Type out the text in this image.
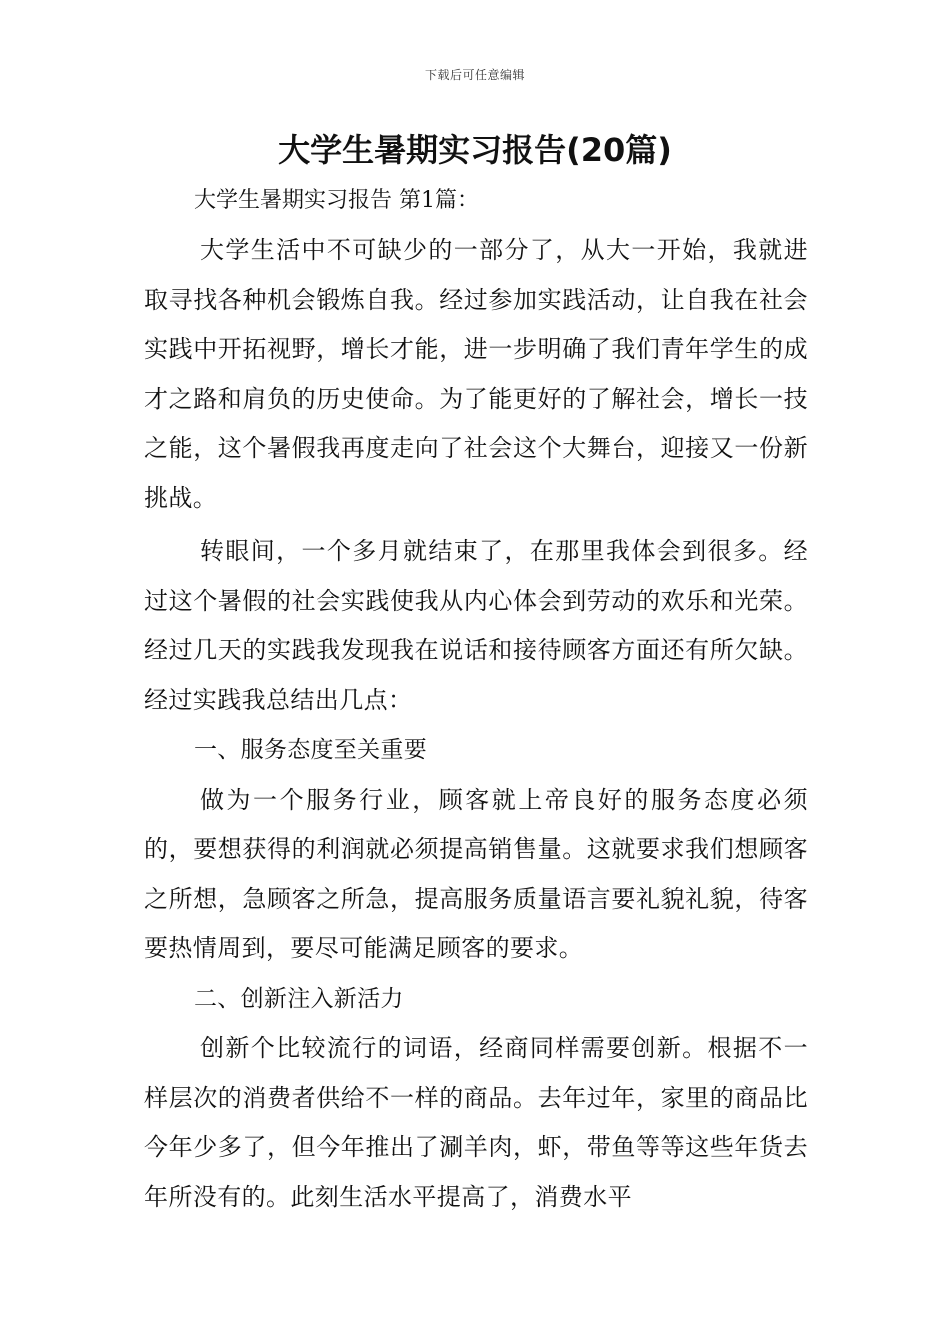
下载后可任意编辑
大学生暑期实习报告(20篇)

大学生暑期实习报告 第1篇：

大学生活中不可缺少的一部分了，从大一开始，我就进取寻找各种机会锻炼自我。经过参加实践活动，让自我在社会实践中开拓视野，增长才能，进一步明确了我们青年学生的成才之路和肩负的历史使命。为了能更好的了解社会，增长一技之能，这个暑假我再度走向了社会这个大舞台，迎接又一份新挑战。

转眼间，一个多月就结束了，在那里我体会到很多。经过这个暑假的社会实践使我从内心体会到劳动的欢乐和光荣。经过几天的实践我发现我在说话和接待顾客方面还有所欠缺。经过实践我总结出几点：

一、服务态度至关重要

做为一个服务行业，顾客就上帝良好的服务态度必须的，要想获得的利润就必须提高销售量。这就要求我们想顾客之所想，急顾客之所急，提高服务质量语言要礼貌礼貌，待客要热情周到，要尽可能满足顾客的要求。

二、创新注入新活力

创新个比较流行的词语，经商同样需要创新。根据不一样层次的消费者供给不一样的商品。去年过年，家里的商品比今年少多了，但今年推出了涮羊肉，虾，带鱼等等这些年货去年所没有的。此刻生活水平提高了，消费水平
